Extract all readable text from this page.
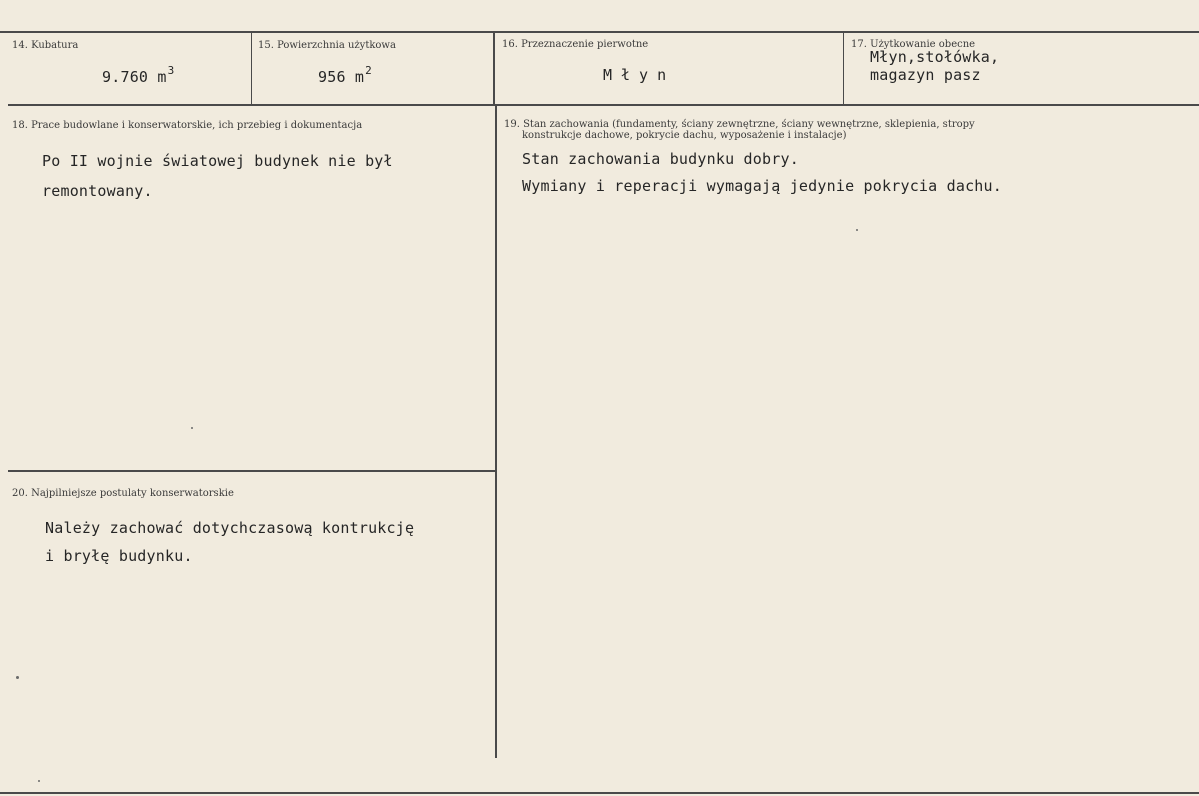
14. Kubatura
9.760 $m^3$
15. Powierzchnia użytkowa
956 $m^2$
16. Przeznaczenie pierwotne
Młyn
17. Użytkowanie obecne
Młyn,stołówka,
magazyn pasz
18. Prace budowlane i konserwatorskie, ich przebieg i dokumentacja
Po II wojnie światowej budynek nie był
remontowany.
19. Stan zachowania (fundamenty, ściany zewnętrzne, ściany wewnętrzne, sklepienia, stropy
konstrukcje dachowe, pokrycie dachu, wyposażenie i instalacje)
Stan zachowania budynku dobry.
Wymiany i reperacji wymagają jedynie pokrycia dachu.
20. Najpilniejsze postulaty konserwatorskie
Należy zachować dotychczasową kontrukcję
i bryłę budynku.
